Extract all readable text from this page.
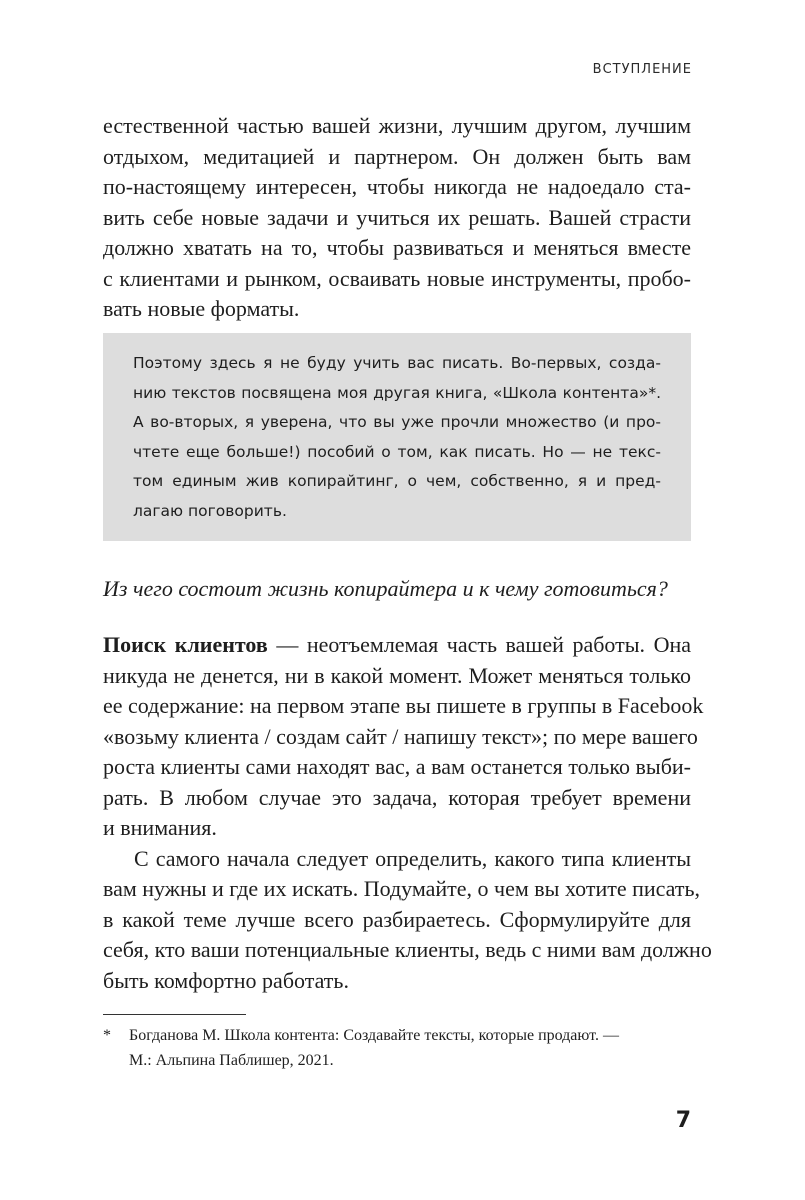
ВСТУПЛЕНИЕ
естественной частью вашей жизни, лучшим другом, лучшим
отдыхом, медитацией и партнером. Он должен быть вам
по-настоящему интересен, чтобы никогда не надоедало ста-
вить себе новые задачи и учиться их решать. Вашей страсти
должно хватать на то, чтобы развиваться и меняться вместе
с клиентами и рынком, осваивать новые инструменты, пробо-
вать новые форматы.
Поэтому здесь я не буду учить вас писать. Во-первых, созда-
нию текстов посвящена моя другая книга, «Школа контента»*.
А во-вторых, я уверена, что вы уже прочли множество (и про-
чтете еще больше!) пособий о том, как писать. Но — не текс-
том единым жив копирайтинг, о чем, собственно, я и пред-
лагаю поговорить.
Из чего состоит жизнь копирайтера и к чему готовиться?
Поиск клиентов — неотъемлемая часть вашей работы. Она
никуда не денется, ни в какой момент. Может меняться только
ее содержание: на первом этапе вы пишете в группы в Facebook
«возьму клиента / создам сайт / напишу текст»; по мере вашего
роста клиенты сами находят вас, а вам останется только выби-
рать. В любом случае это задача, которая требует времени
и внимания.
С самого начала следует определить, какого типа клиенты
вам нужны и где их искать. Подумайте, о чем вы хотите писать,
в какой теме лучше всего разбираетесь. Сформулируйте для
себя, кто ваши потенциальные клиенты, ведь с ними вам должно
быть комфортно работать.
* Богданова М. Школа контента: Создавайте тексты, которые продают. —
М.: Альпина Паблишер, 2021.
7
